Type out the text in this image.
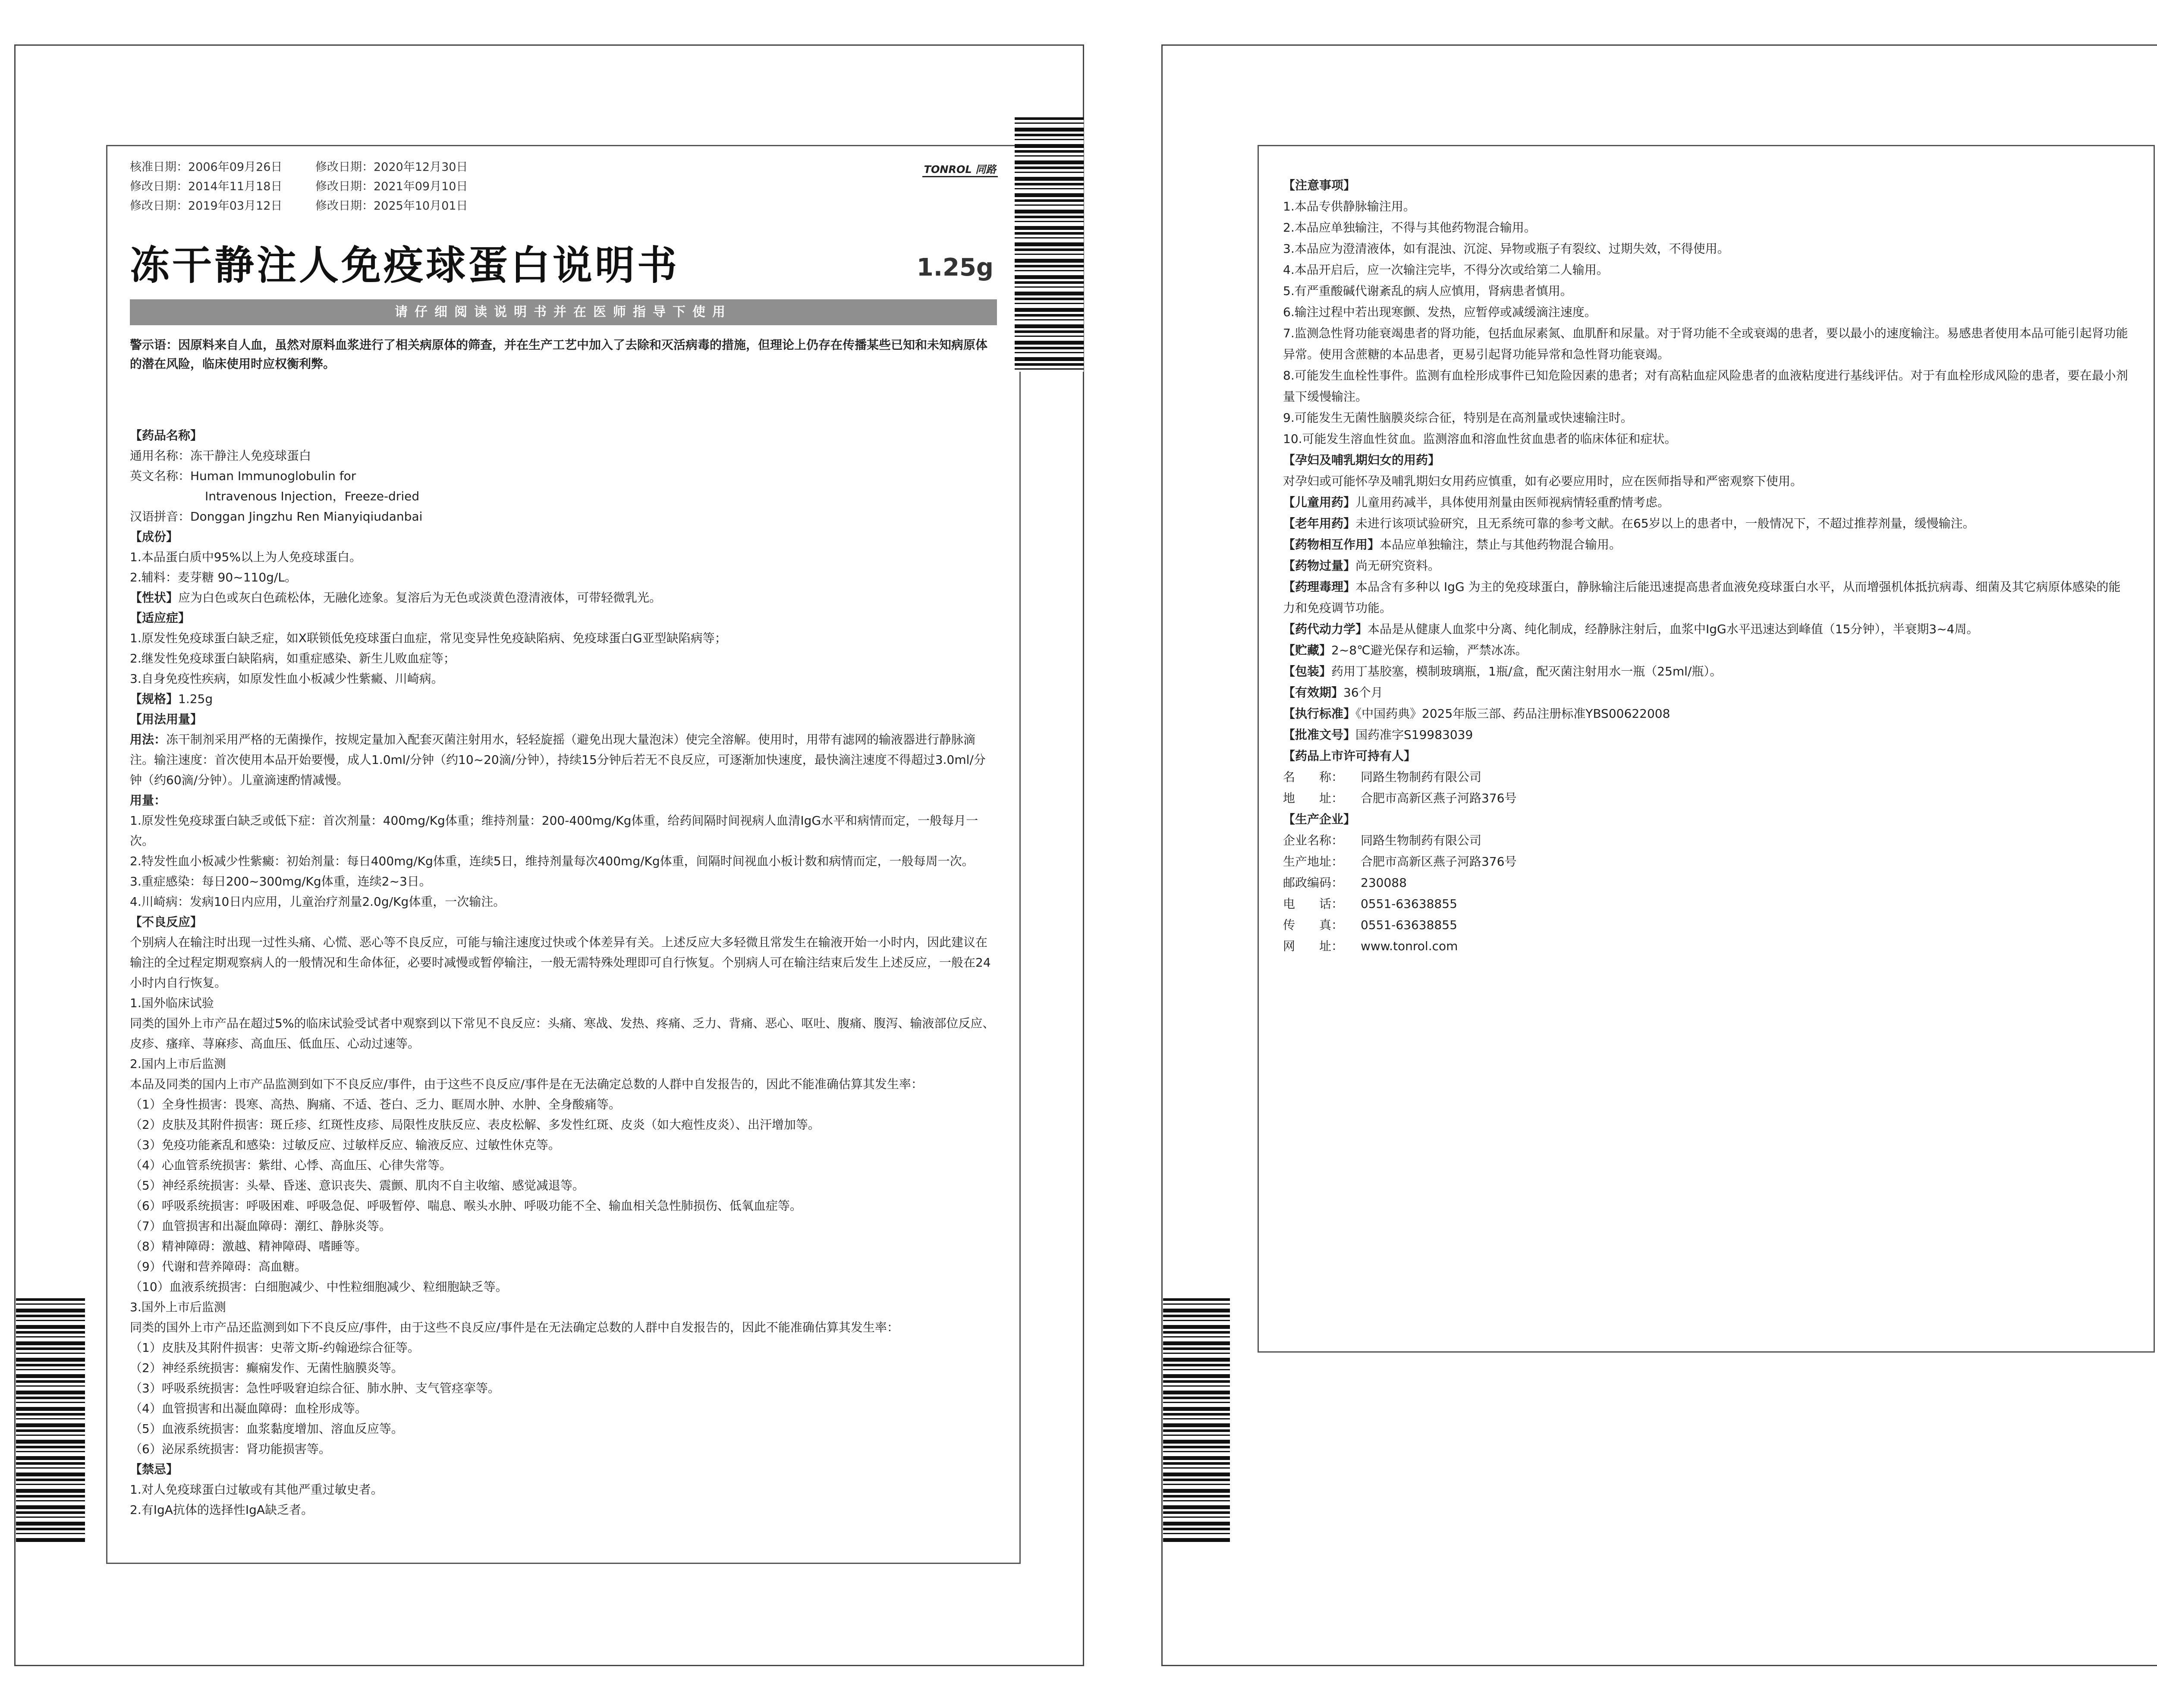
核准日期：2006年09月26日	修改日期：2020年12月30日
修改日期：2014年11月18日	修改日期：2021年09月10日
修改日期：2019年03月12日	修改日期：2025年10月01日
TONROL 同路
冻干静注人免疫球蛋白说明书	1.25g
请仔细阅读说明书并在医师指导下使用
警示语：因原料来自人血，虽然对原料血浆进行了相关病原体的筛查，并在生产工艺中加入了去除和灭活病毒的措施，但理论上仍存在传播某些已知和未知病原体的潜在风险，临床使用时应权衡利弊。
【药品名称】
通用名称：冻干静注人免疫球蛋白
英文名称：Human Immunoglobulin for
Intravenous Injection，Freeze-dried
汉语拼音：Donggan Jingzhu Ren Mianyiqiudanbai
【成份】
1.本品蛋白质中95%以上为人免疫球蛋白。
2.辅料：麦芽糖 90~110g/L。
【性状】应为白色或灰白色疏松体，无融化迹象。复溶后为无色或淡黄色澄清液体，可带轻微乳光。
【适应症】
1.原发性免疫球蛋白缺乏症，如X联锁低免疫球蛋白血症，常见变异性免疫缺陷病、免疫球蛋白G亚型缺陷病等；
2.继发性免疫球蛋白缺陷病，如重症感染、新生儿败血症等；
3.自身免疫性疾病，如原发性血小板减少性紫癜、川崎病。
【规格】1.25g
【用法用量】
用法：冻干制剂采用严格的无菌操作，按规定量加入配套灭菌注射用水，轻轻旋摇（避免出现大量泡沫）使完全溶解。使用时，用带有滤网的输液器进行静脉滴注。输注速度：首次使用本品开始要慢，成人1.0ml/分钟（约10~20滴/分钟），持续15分钟后若无不良反应，可逐渐加快速度，最快滴注速度不得超过3.0ml/分钟（约60滴/分钟）。儿童滴速酌情减慢。
用量：
1.原发性免疫球蛋白缺乏或低下症：首次剂量：400mg/Kg体重；维持剂量：200-400mg/Kg体重，给药间隔时间视病人血清IgG水平和病情而定，一般每月一次。
2.特发性血小板减少性紫癜：初始剂量：每日400mg/Kg体重，连续5日，维持剂量每次400mg/Kg体重，间隔时间视血小板计数和病情而定，一般每周一次。
3.重症感染：每日200~300mg/Kg体重，连续2~3日。
4.川崎病：发病10日内应用，儿童治疗剂量2.0g/Kg体重，一次输注。
【不良反应】
个别病人在输注时出现一过性头痛、心慌、恶心等不良反应，可能与输注速度过快或个体差异有关。上述反应大多轻微且常发生在输液开始一小时内，因此建议在输注的全过程定期观察病人的一般情况和生命体征，必要时减慢或暂停输注，一般无需特殊处理即可自行恢复。个别病人可在输注结束后发生上述反应，一般在24小时内自行恢复。
1.国外临床试验
同类的国外上市产品在超过5%的临床试验受试者中观察到以下常见不良反应：头痛、寒战、发热、疼痛、乏力、背痛、恶心、呕吐、腹痛、腹泻、输液部位反应、皮疹、瘙痒、荨麻疹、高血压、低血压、心动过速等。
2.国内上市后监测
本品及同类的国内上市产品监测到如下不良反应/事件，由于这些不良反应/事件是在无法确定总数的人群中自发报告的，因此不能准确估算其发生率：
（1）全身性损害：畏寒、高热、胸痛、不适、苍白、乏力、眶周水肿、水肿、全身酸痛等。
（2）皮肤及其附件损害：斑丘疹、红斑性皮疹、局限性皮肤反应、表皮松解、多发性红斑、皮炎（如大疱性皮炎）、出汗增加等。
（3）免疫功能紊乱和感染：过敏反应、过敏样反应、输液反应、过敏性休克等。
（4）心血管系统损害：紫绀、心悸、高血压、心律失常等。
（5）神经系统损害：头晕、昏迷、意识丧失、震颤、肌肉不自主收缩、感觉减退等。
（6）呼吸系统损害：呼吸困难、呼吸急促、呼吸暂停、喘息、喉头水肿、呼吸功能不全、输血相关急性肺损伤、低氧血症等。
（7）血管损害和出凝血障碍：潮红、静脉炎等。
（8）精神障碍：激越、精神障碍、嗜睡等。
（9）代谢和营养障碍：高血糖。
（10）血液系统损害：白细胞减少、中性粒细胞减少、粒细胞缺乏等。
3.国外上市后监测
同类的国外上市产品还监测到如下不良反应/事件，由于这些不良反应/事件是在无法确定总数的人群中自发报告的，因此不能准确估算其发生率：
（1）皮肤及其附件损害：史蒂文斯-约翰逊综合征等。
（2）神经系统损害：癫痫发作、无菌性脑膜炎等。
（3）呼吸系统损害：急性呼吸窘迫综合征、肺水肿、支气管痉挛等。
（4）血管损害和出凝血障碍：血栓形成等。
（5）血液系统损害：血浆黏度增加、溶血反应等。
（6）泌尿系统损害：肾功能损害等。
【禁忌】
1.对人免疫球蛋白过敏或有其他严重过敏史者。
2.有IgA抗体的选择性IgA缺乏者。
【注意事项】
1.本品专供静脉输注用。
2.本品应单独输注，不得与其他药物混合输用。
3.本品应为澄清液体，如有混浊、沉淀、异物或瓶子有裂纹、过期失效，不得使用。
4.本品开启后，应一次输注完毕，不得分次或给第二人输用。
5.有严重酸碱代谢紊乱的病人应慎用，肾病患者慎用。
6.输注过程中若出现寒颤、发热，应暂停或减缓滴注速度。
7.监测急性肾功能衰竭患者的肾功能，包括血尿素氮、血肌酐和尿量。对于肾功能不全或衰竭的患者，要以最小的速度输注。易感患者使用本品可能引起肾功能异常。使用含蔗糖的本品患者，更易引起肾功能异常和急性肾功能衰竭。
8.可能发生血栓性事件。监测有血栓形成事件已知危险因素的患者；对有高粘血症风险患者的血液粘度进行基线评估。对于有血栓形成风险的患者，要在最小剂量下缓慢输注。
9.可能发生无菌性脑膜炎综合征，特别是在高剂量或快速输注时。
10.可能发生溶血性贫血。监测溶血和溶血性贫血患者的临床体征和症状。
【孕妇及哺乳期妇女的用药】
对孕妇或可能怀孕及哺乳期妇女用药应慎重，如有必要应用时，应在医师指导和严密观察下使用。
【儿童用药】儿童用药减半，具体使用剂量由医师视病情轻重酌情考虑。
【老年用药】未进行该项试验研究，且无系统可靠的参考文献。在65岁以上的患者中，一般情况下，不超过推荐剂量，缓慢输注。
【药物相互作用】本品应单独输注，禁止与其他药物混合输用。
【药物过量】尚无研究资料。
【药理毒理】本品含有多种以 IgG 为主的免疫球蛋白，静脉输注后能迅速提高患者血液免疫球蛋白水平，从而增强机体抵抗病毒、细菌及其它病原体感染的能力和免疫调节功能。
【药代动力学】本品是从健康人血浆中分离、纯化制成，经静脉注射后，血浆中IgG水平迅速达到峰值（15分钟），半衰期3~4周。
【贮藏】2~8℃避光保存和运输，严禁冰冻。
【包装】药用丁基胶塞，模制玻璃瓶，1瓶/盒，配灭菌注射用水一瓶（25ml/瓶）。
【有效期】36个月
【执行标准】《中国药典》2025年版三部、药品注册标准YBS00622008
【批准文号】国药准字S19983039
【药品上市许可持有人】
名　　称：	同路生物制药有限公司
地　　址：	合肥市高新区燕子河路376号
【生产企业】
企业名称：	同路生物制药有限公司
生产地址：	合肥市高新区燕子河路376号
邮政编码：	230088
电　　话：	0551-63638855
传　　真：	0551-63638855
网　　址：	www.tonrol.com
